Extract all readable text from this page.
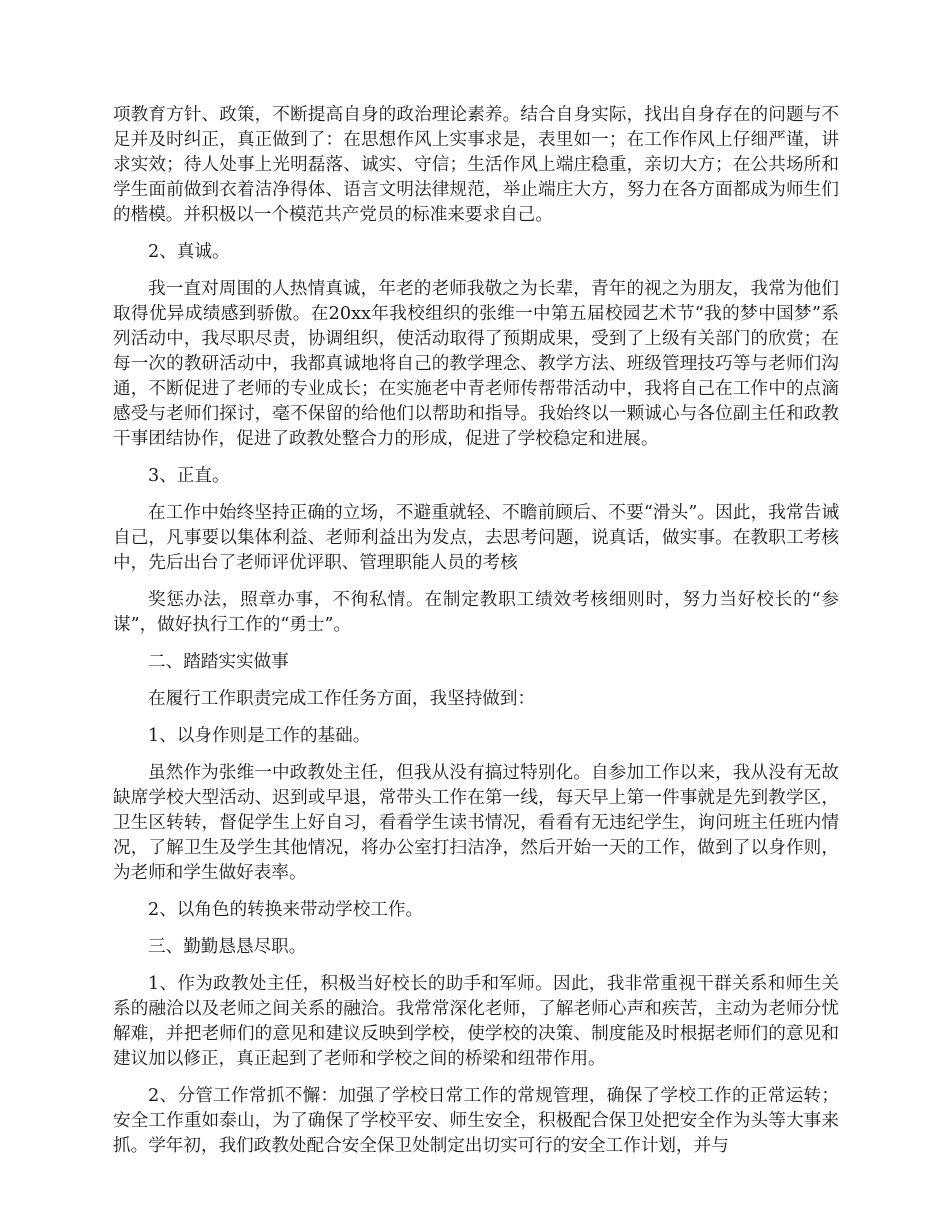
项教育方针、政策，不断提高自身的政治理论素养。结合自身实际，找出自身存在的问题与不足并及时纠正，真正做到了：在思想作风上实事求是，表里如一；在工作作风上仔细严谨，讲求实效；待人处事上光明磊落、诚实、守信；生活作风上端庄稳重，亲切大方；在公共场所和学生面前做到衣着洁净得体、语言文明法律规范，举止端庄大方，努力在各方面都成为师生们的楷模。并积极以一个模范共产党员的标准来要求自己。

2、真诚。

我一直对周围的人热情真诚，年老的老师我敬之为长辈，青年的视之为朋友，我常为他们取得优异成绩感到骄傲。在20xx年我校组织的张维一中第五届校园艺术节“我的梦中国梦”系列活动中，我尽职尽责，协调组织，使活动取得了预期成果，受到了上级有关部门的欣赏；在每一次的教研活动中，我都真诚地将自己的教学理念、教学方法、班级管理技巧等与老师们沟通，不断促进了老师的专业成长；在实施老中青老师传帮带活动中，我将自己在工作中的点滴感受与老师们探讨，毫不保留的给他们以帮助和指导。我始终以一颗诚心与各位副主任和政教干事团结协作，促进了政教处整合力的形成，促进了学校稳定和进展。

3、正直。

在工作中始终坚持正确的立场，不避重就轻、不瞻前顾后、不要“滑头”。因此，我常告诫自己，凡事要以集体利益、老师利益出为发点，去思考问题，说真话，做实事。在教职工考核中，先后出台了老师评优评职、管理职能人员的考核

奖惩办法，照章办事，不徇私情。在制定教职工绩效考核细则时，努力当好校长的“参谋”，做好执行工作的“勇士”。

二、踏踏实实做事

在履行工作职责完成工作任务方面，我坚持做到：

1、以身作则是工作的基础。

虽然作为张维一中政教处主任，但我从没有搞过特别化。自参加工作以来，我从没有无故缺席学校大型活动、迟到或早退，常带头工作在第一线，每天早上第一件事就是先到教学区，卫生区转转，督促学生上好自习，看看学生读书情况，看看有无违纪学生，询问班主任班内情况，了解卫生及学生其他情况，将办公室打扫洁净，然后开始一天的工作，做到了以身作则，为老师和学生做好表率。

2、以角色的转换来带动学校工作。

三、勤勤恳恳尽职。

1、作为政教处主任，积极当好校长的助手和军师。因此，我非常重视干群关系和师生关系的融洽以及老师之间关系的融洽。我常常深化老师，了解老师心声和疾苦，主动为老师分忧解难，并把老师们的意见和建议反映到学校，使学校的决策、制度能及时根据老师们的意见和建议加以修正，真正起到了老师和学校之间的桥梁和纽带作用。

2、分管工作常抓不懈：加强了学校日常工作的常规管理，确保了学校工作的正常运转；安全工作重如泰山，为了确保了学校平安、师生安全，积极配合保卫处把安全作为头等大事来抓。学年初，我们政教处配合安全保卫处制定出切实可行的安全工作计划，并与
